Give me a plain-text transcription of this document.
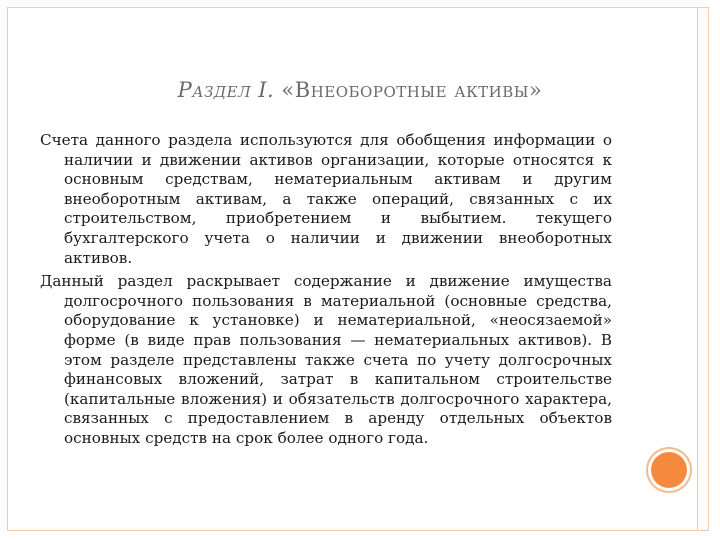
Раздел I. «Внеоборотные активы»

Счета данного раздела используются для обобщения информации о наличии и движении активов организации, которые относятся к основным средствам, нематериальным активам и другим внеоборотным активам, а также операций, связанных с их строительством, приобретением и выбытием. текущего бухгалтерского учета о наличии и движении внеоборотных активов.

Данный раздел раскрывает содержание и движение имущества долгосрочного пользования в материальной (основные средства, оборудование к установке) и нематериальной, «неосязаемой» форме (в виде прав пользования — нематериальных активов). В этом разделе представлены также счета по учету долгосрочных финансовых вложений, затрат в капитальном строительстве (капитальные вложения) и обязательств долгосрочного характера, связанных с предоставлением в аренду отдельных объектов основных средств на срок более одного года.
